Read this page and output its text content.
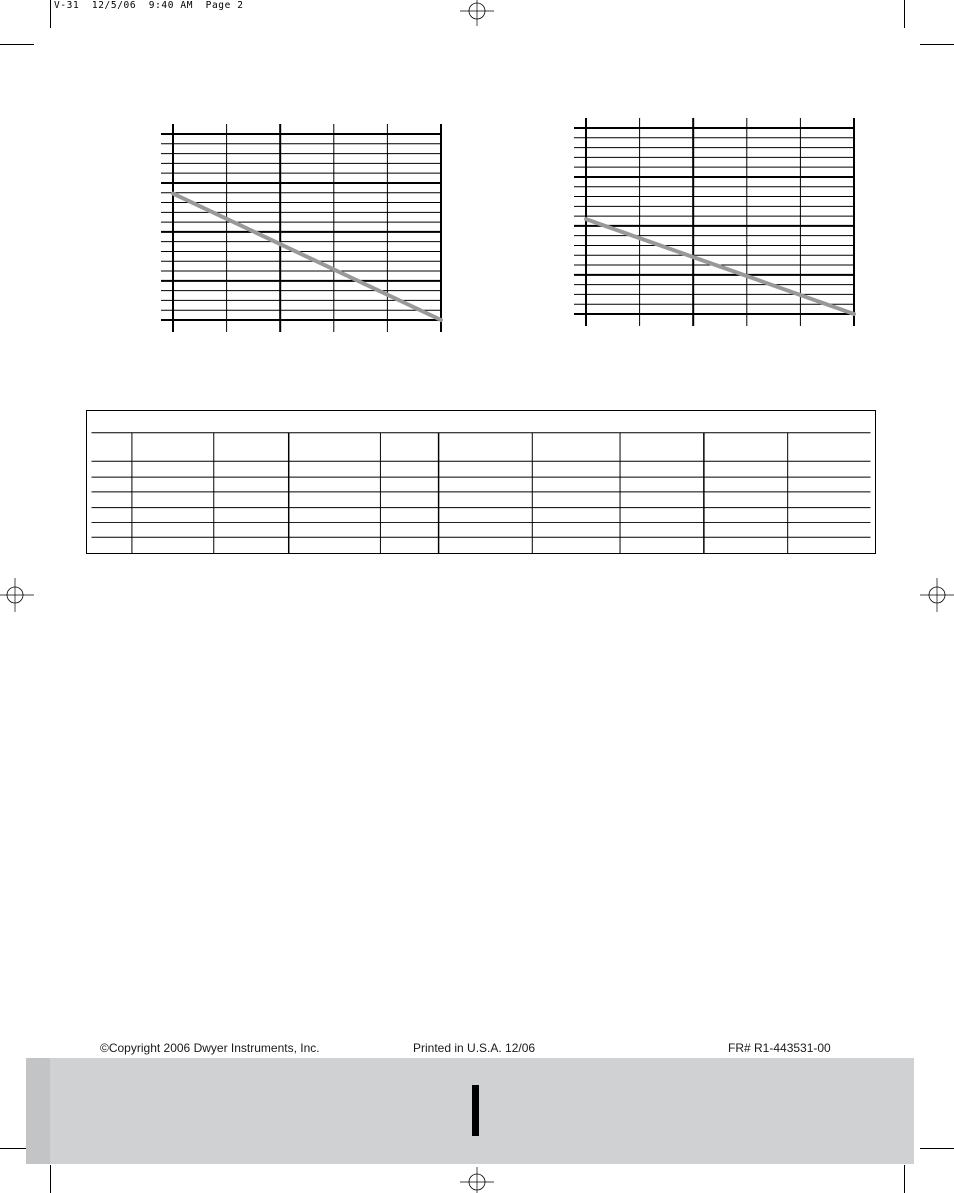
V-31  12/5/06  9:40 AM  Page 2
©Copyright 2006 Dwyer Instruments, Inc.	Printed in U.S.A. 12/06	FR# R1-443531-00
